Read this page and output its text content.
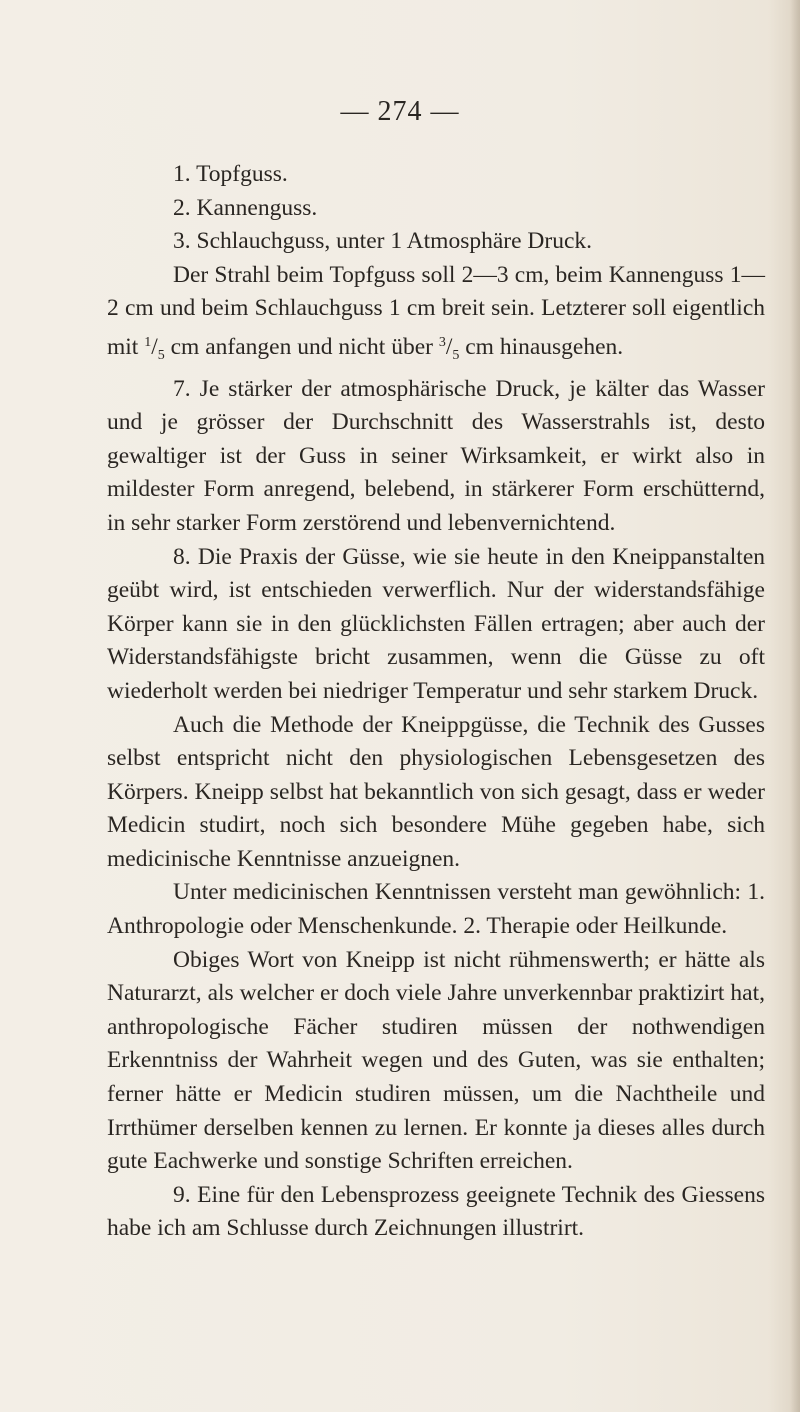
— 274 —

1. Topfguss.

2. Kannenguss.

3. Schlauchguss, unter 1 Atmosphäre Druck.

Der Strahl beim Topfguss soll 2—3 cm, beim Kannenguss 1—2 cm und beim Schlauchguss 1 cm breit sein. Letzterer soll eigentlich mit $^1/_5$ cm anfangen und nicht über $^3/_5$ cm hinausgehen.

7. Je stärker der atmosphärische Druck, je kälter das Wasser und je grösser der Durchschnitt des Wasserstrahls ist, desto gewaltiger ist der Guss in seiner Wirksamkeit, er wirkt also in mildester Form anregend, belebend, in stärkerer Form erschütternd, in sehr starker Form zerstörend und lebenvernichtend.

8. Die Praxis der Güsse, wie sie heute in den Kneippanstalten geübt wird, ist entschieden verwerflich. Nur der widerstandsfähige Körper kann sie in den glücklichsten Fällen ertragen; aber auch der Widerstandsfähigste bricht zusammen, wenn die Güsse zu oft wiederholt werden bei niedriger Temperatur und sehr starkem Druck.

Auch die Methode der Kneippgüsse, die Technik des Gusses selbst entspricht nicht den physiologischen Lebensgesetzen des Körpers. Kneipp selbst hat bekanntlich von sich gesagt, dass er weder Medicin studirt, noch sich besondere Mühe gegeben habe, sich medicinische Kenntnisse anzueignen.

Unter medicinischen Kenntnissen versteht man gewöhnlich: 1. Anthropologie oder Menschenkunde. 2. Therapie oder Heilkunde.

Obiges Wort von Kneipp ist nicht rühmenswerth; er hätte als Naturarzt, als welcher er doch viele Jahre unverkennbar praktizirt hat, anthropologische Fächer studiren müssen der nothwendigen Erkenntniss der Wahrheit wegen und des Guten, was sie enthalten; ferner hätte er Medicin studiren müssen, um die Nachtheile und Irrthümer derselben kennen zu lernen. Er konnte ja dieses alles durch gute Eachwerke und sonstige Schriften erreichen.

9. Eine für den Lebensprozess geeignete Technik des Giessens habe ich am Schlusse durch Zeichnungen illustrirt.
